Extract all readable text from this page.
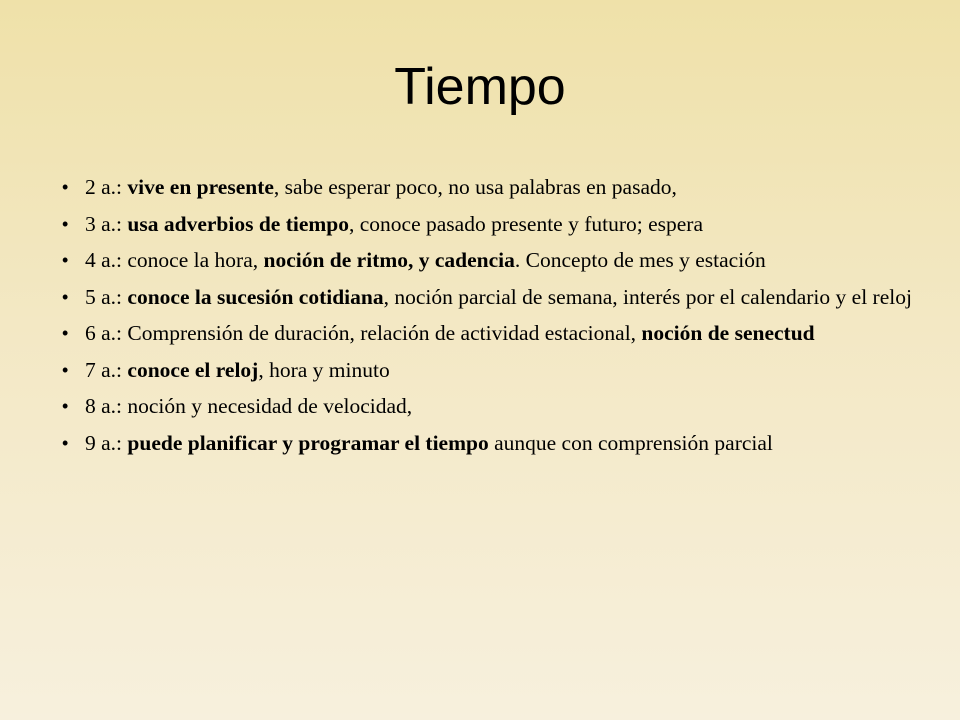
Tiempo
• 2 a.: vive en presente, sabe esperar poco, no usa palabras en pasado,
• 3 a.: usa adverbios de tiempo, conoce pasado presente y futuro; espera
• 4 a.: conoce la hora, noción de ritmo, y cadencia. Concepto de mes y estación
• 5 a.: conoce la sucesión cotidiana, noción parcial de semana, interés por el calendario y el reloj
• 6 a.: Comprensión de duración, relación de actividad estacional, noción de senectud
• 7 a.: conoce el reloj, hora y minuto
• 8 a.: noción y necesidad de velocidad,
• 9 a.: puede planificar y programar el tiempo aunque con comprensión parcial
